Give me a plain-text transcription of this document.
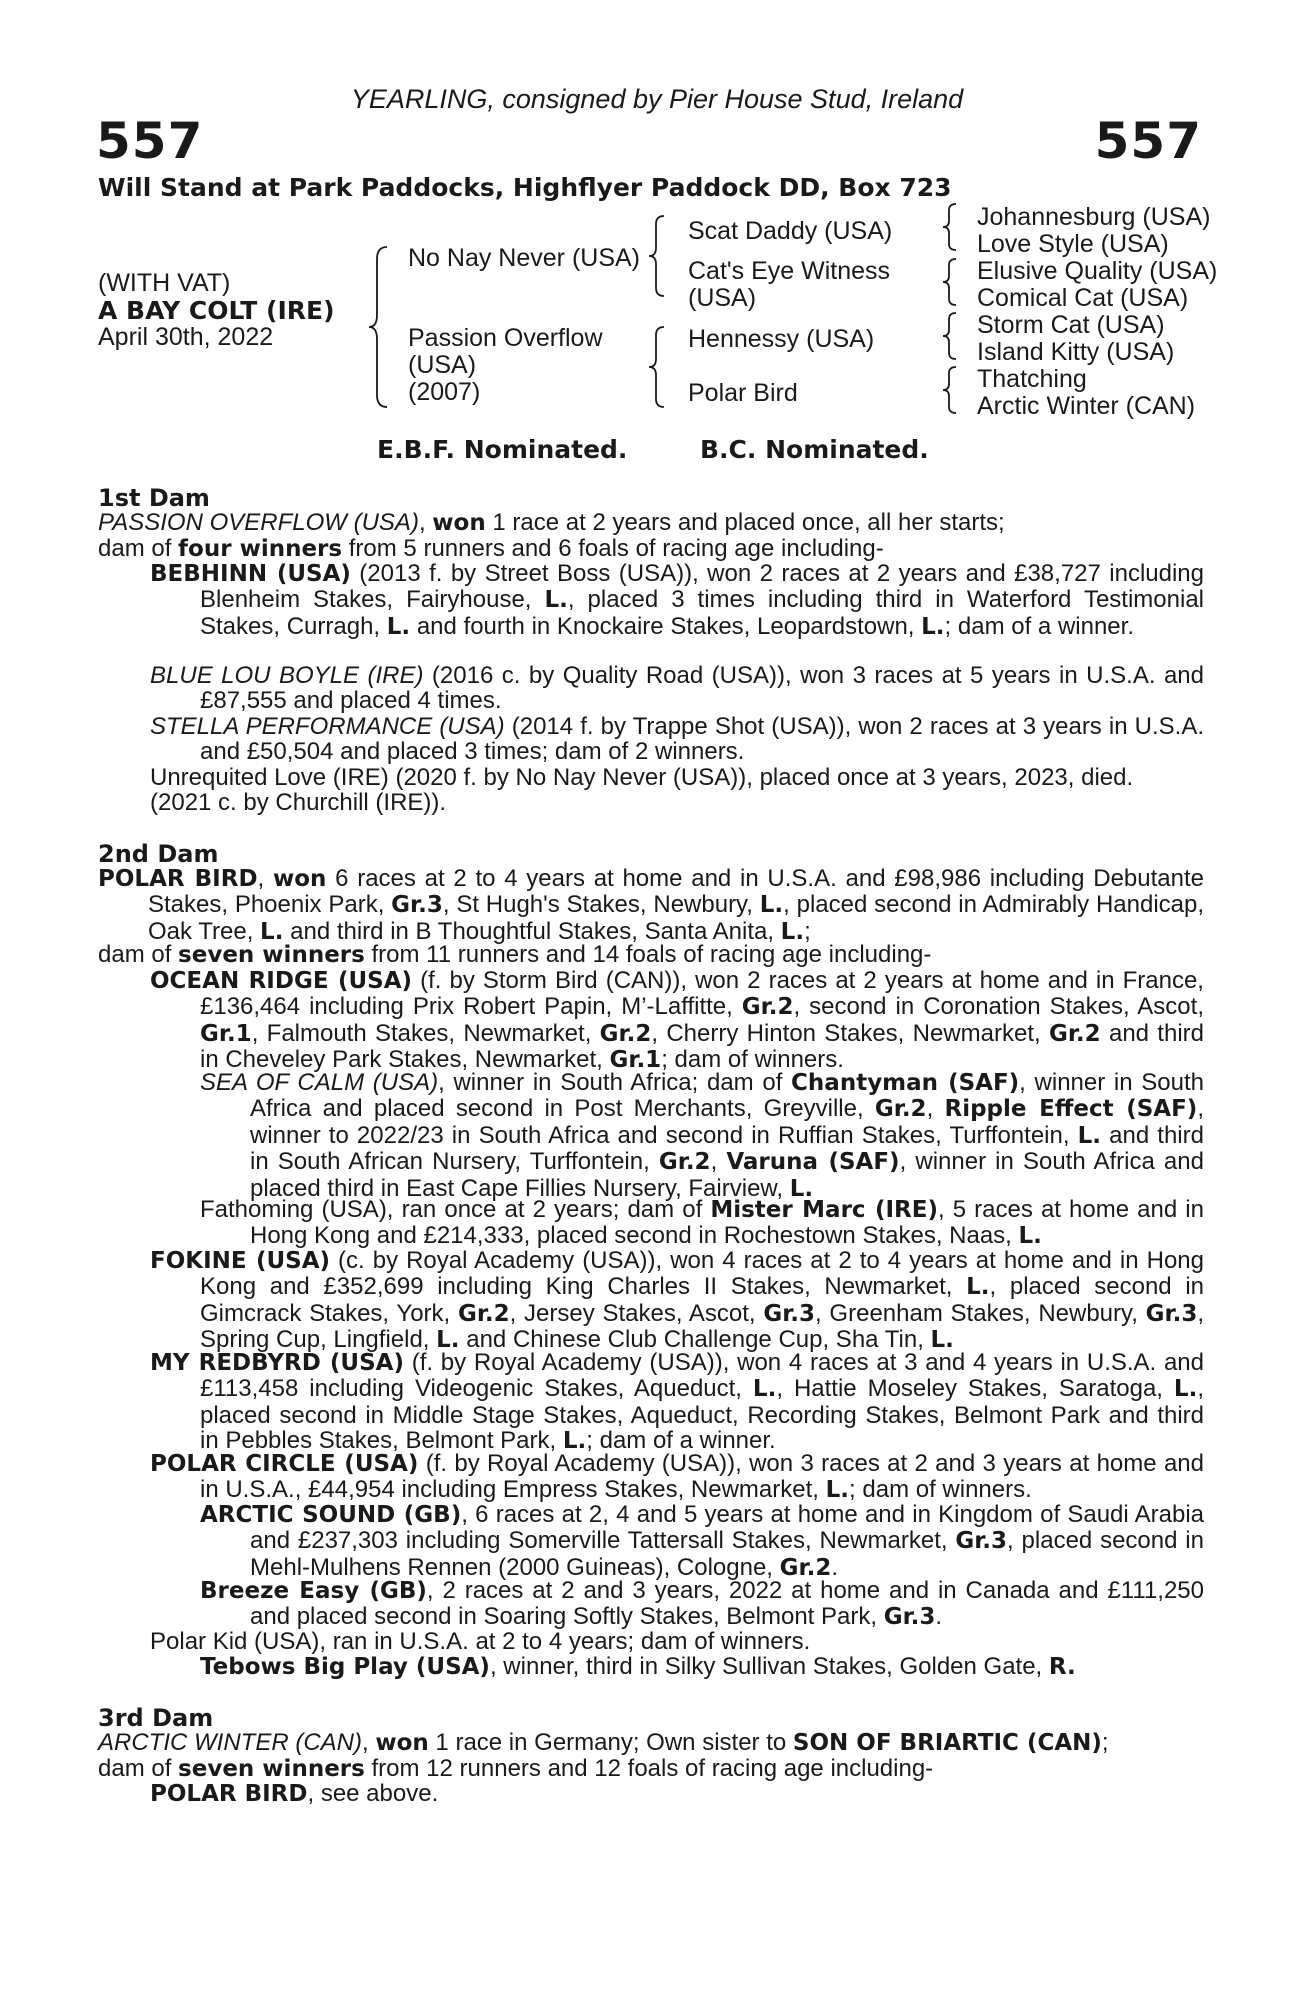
YEARLING, consigned by Pier House Stud, Ireland
557	557
Will Stand at Park Paddocks, Highflyer Paddock DD, Box 723
(WITH VAT)
A BAY COLT (IRE)
April 30th, 2022
No Nay Never (USA)
Passion Overflow
(USA)
(2007)
Scat Daddy (USA)
Cat's Eye Witness
(USA)
Hennessy (USA)
Polar Bird
Johannesburg (USA)
Love Style (USA)
Elusive Quality (USA)
Comical Cat (USA)
Storm Cat (USA)
Island Kitty (USA)
Thatching
Arctic Winter (CAN)
E.B.F. Nominated.	B.C. Nominated.
1st Dam
PASSION OVERFLOW (USA), won 1 race at 2 years and placed once, all her starts;
dam of four winners from 5 runners and 6 foals of racing age including-
BEBHINN (USA) (2013 f. by Street Boss (USA)), won 2 races at 2 years and £38,727 including Blenheim Stakes, Fairyhouse, L., placed 3 times including third in Waterford Testimonial Stakes, Curragh, L. and fourth in Knockaire Stakes, Leopardstown, L.; dam of a winner.
BLUE LOU BOYLE (IRE) (2016 c. by Quality Road (USA)), won 3 races at 5 years in U.S.A. and £87,555 and placed 4 times.
STELLA PERFORMANCE (USA) (2014 f. by Trappe Shot (USA)), won 2 races at 3 years in U.S.A. and £50,504 and placed 3 times; dam of 2 winners.
Unrequited Love (IRE) (2020 f. by No Nay Never (USA)), placed once at 3 years, 2023, died.
(2021 c. by Churchill (IRE)).
2nd Dam
POLAR BIRD, won 6 races at 2 to 4 years at home and in U.S.A. and £98,986 including Debutante Stakes, Phoenix Park, Gr.3, St Hugh's Stakes, Newbury, L., placed second in Admirably Handicap, Oak Tree, L. and third in B Thoughtful Stakes, Santa Anita, L.;
dam of seven winners from 11 runners and 14 foals of racing age including-
OCEAN RIDGE (USA) (f. by Storm Bird (CAN)), won 2 races at 2 years at home and in France, £136,464 including Prix Robert Papin, M’-Laffitte, Gr.2, second in Coronation Stakes, Ascot, Gr.1, Falmouth Stakes, Newmarket, Gr.2, Cherry Hinton Stakes, Newmarket, Gr.2 and third in Cheveley Park Stakes, Newmarket, Gr.1; dam of winners.
SEA OF CALM (USA), winner in South Africa; dam of Chantyman (SAF), winner in South Africa and placed second in Post Merchants, Greyville, Gr.2, Ripple Effect (SAF), winner to 2022/23 in South Africa and second in Ruffian Stakes, Turffontein, L. and third in South African Nursery, Turffontein, Gr.2, Varuna (SAF), winner in South Africa and placed third in East Cape Fillies Nursery, Fairview, L.
Fathoming (USA), ran once at 2 years; dam of Mister Marc (IRE), 5 races at home and in Hong Kong and £214,333, placed second in Rochestown Stakes, Naas, L.
FOKINE (USA) (c. by Royal Academy (USA)), won 4 races at 2 to 4 years at home and in Hong Kong and £352,699 including King Charles II Stakes, Newmarket, L., placed second in Gimcrack Stakes, York, Gr.2, Jersey Stakes, Ascot, Gr.3, Greenham Stakes, Newbury, Gr.3, Spring Cup, Lingfield, L. and Chinese Club Challenge Cup, Sha Tin, L.
MY REDBYRD (USA) (f. by Royal Academy (USA)), won 4 races at 3 and 4 years in U.S.A. and £113,458 including Videogenic Stakes, Aqueduct, L., Hattie Moseley Stakes, Saratoga, L., placed second in Middle Stage Stakes, Aqueduct, Recording Stakes, Belmont Park and third in Pebbles Stakes, Belmont Park, L.; dam of a winner.
POLAR CIRCLE (USA) (f. by Royal Academy (USA)), won 3 races at 2 and 3 years at home and in U.S.A., £44,954 including Empress Stakes, Newmarket, L.; dam of winners.
ARCTIC SOUND (GB), 6 races at 2, 4 and 5 years at home and in Kingdom of Saudi Arabia and £237,303 including Somerville Tattersall Stakes, Newmarket, Gr.3, placed second in Mehl-Mulhens Rennen (2000 Guineas), Cologne, Gr.2.
Breeze Easy (GB), 2 races at 2 and 3 years, 2022 at home and in Canada and £111,250 and placed second in Soaring Softly Stakes, Belmont Park, Gr.3.
Polar Kid (USA), ran in U.S.A. at 2 to 4 years; dam of winners.
Tebows Big Play (USA), winner, third in Silky Sullivan Stakes, Golden Gate, R.
3rd Dam
ARCTIC WINTER (CAN), won 1 race in Germany; Own sister to SON OF BRIARTIC (CAN);
dam of seven winners from 12 runners and 12 foals of racing age including-
POLAR BIRD, see above.
